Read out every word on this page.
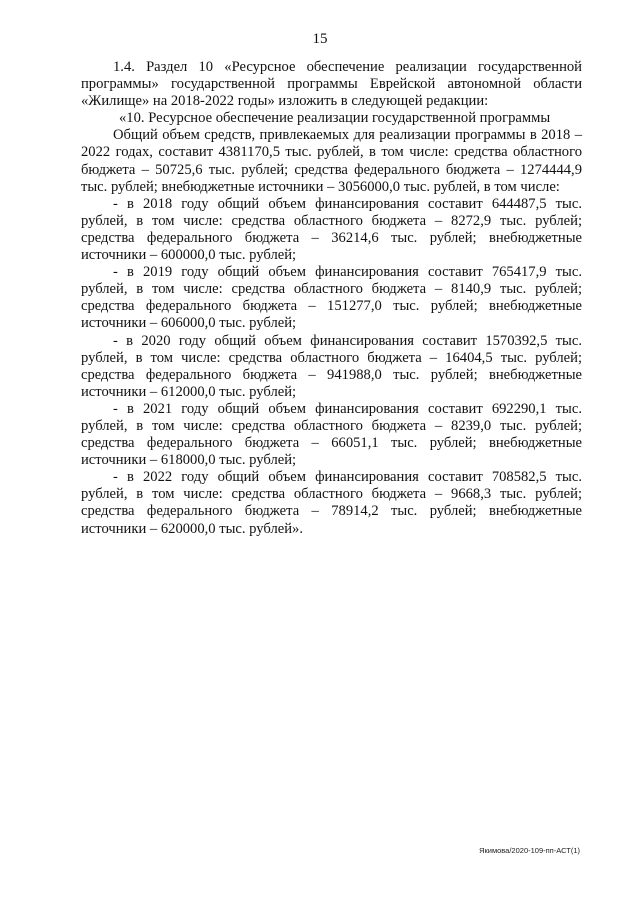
15

1.4. Раздел 10 «Ресурсное обеспечение реализации государственной программы» государственной программы Еврейской автономной области «Жилище» на 2018-2022 годы» изложить в следующей редакции:

«10. Ресурсное обеспечение реализации государственной программы

Общий объем средств, привлекаемых для реализации программы в 2018 – 2022 годах, составит 4381170,5 тыс. рублей, в том числе: средства областного бюджета – 50725,6 тыс. рублей; средства федерального бюджета – 1274444,9 тыс. рублей; внебюджетные источники – 3056000,0 тыс. рублей, в том числе:

- в 2018 году общий объем финансирования составит 644487,5 тыс. рублей, в том числе: средства областного бюджета – 8272,9 тыс. рублей; средства федерального бюджета – 36214,6 тыс. рублей; внебюджетные источники – 600000,0 тыс. рублей;

- в 2019 году общий объем финансирования составит 765417,9 тыс. рублей, в том числе: средства областного бюджета – 8140,9 тыс. рублей; средства федерального бюджета – 151277,0 тыс. рублей; внебюджетные источники – 606000,0 тыс. рублей;

- в 2020 году общий объем финансирования составит 1570392,5 тыс. рублей, в том числе: средства областного бюджета – 16404,5 тыс. рублей; средства федерального бюджета – 941988,0 тыс. рублей; внебюджетные источники – 612000,0 тыс. рублей;

- в 2021 году общий объем финансирования составит 692290,1 тыс. рублей, в том числе: средства областного бюджета – 8239,0 тыс. рублей; средства федерального бюджета – 66051,1 тыс. рублей; внебюджетные источники – 618000,0 тыс. рублей;

- в 2022 году общий объем финансирования составит 708582,5 тыс. рублей, в том числе: средства областного бюджета – 9668,3 тыс. рублей; средства федерального бюджета – 78914,2 тыс. рублей; внебюджетные источники – 620000,0 тыс. рублей».

Якимова/2020-109-пп-АСТ(1)
